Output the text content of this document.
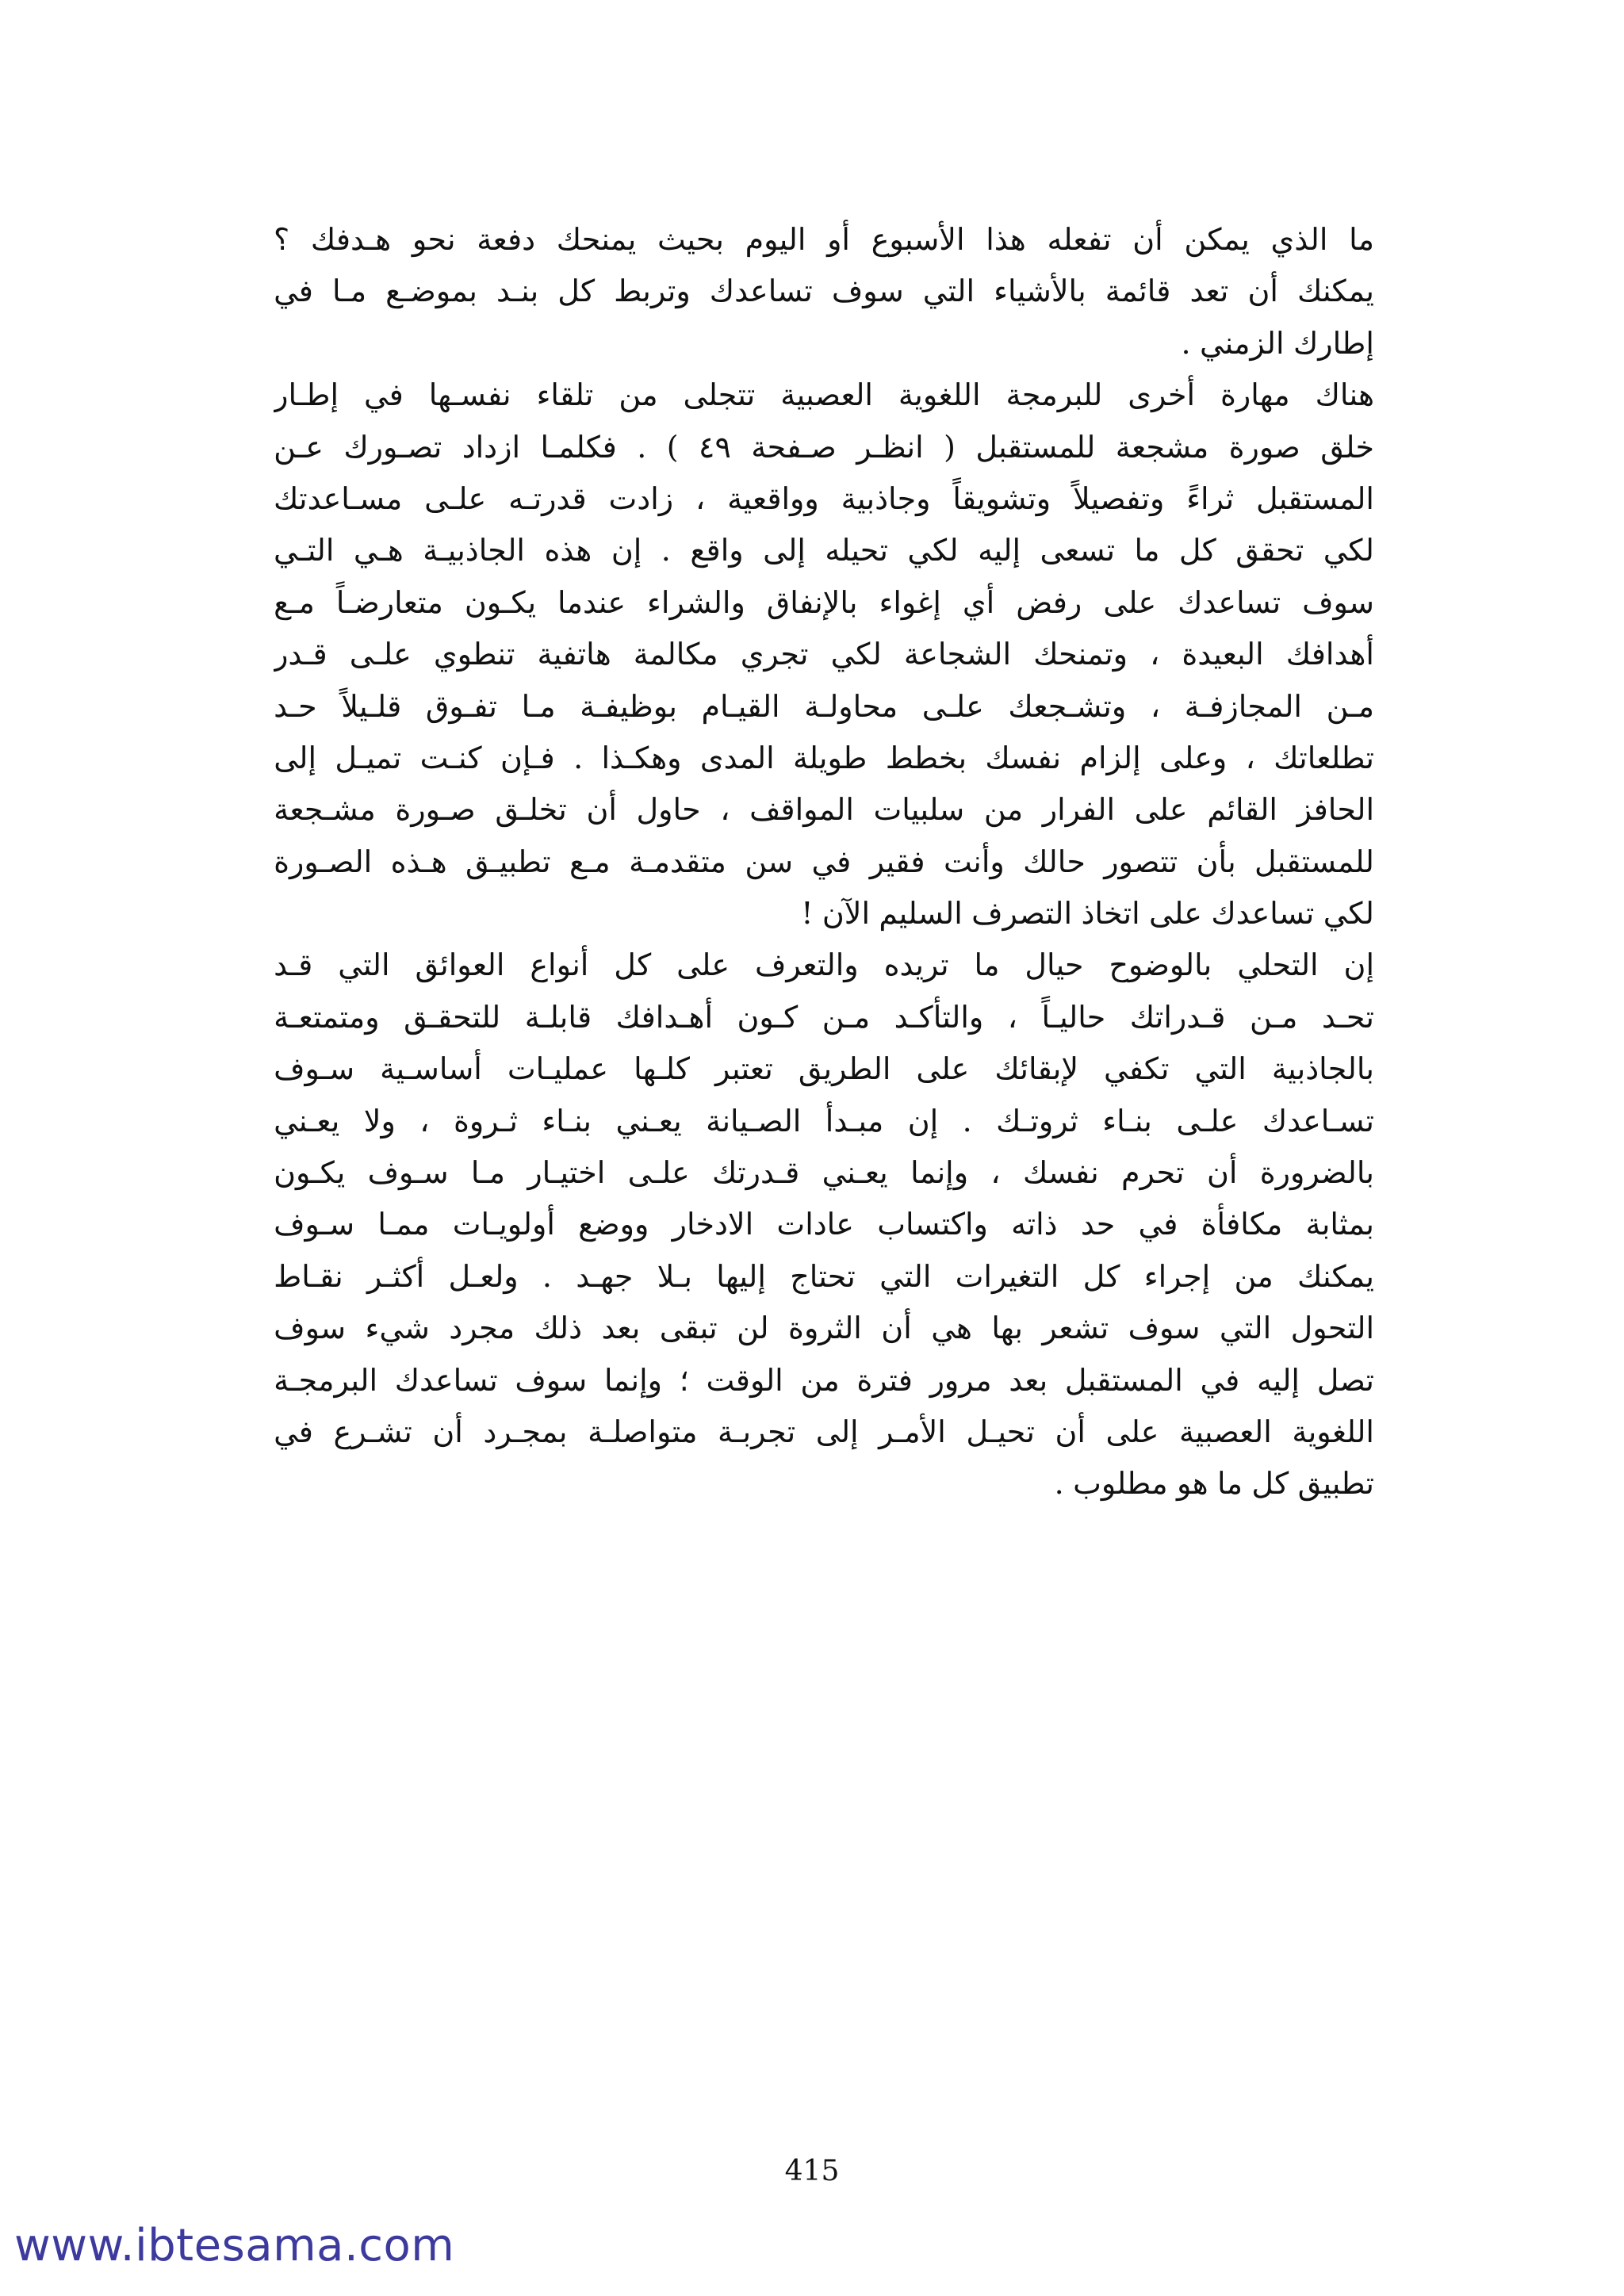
ما
الذي
يمكن
أن
تفعله
هذا
الأسبوع
أو
اليوم
بحيث
يمنحك
دفعة
نحو
هـدفك
؟
يمكنك
أن
تعد
قائمة
بالأشياء
التي
سوف
تساعدك
وتربط
كل
بنـد
بموضـع
مـا
في
إطارك
الزمني
.
هناك
مهارة
أخرى
للبرمجة
اللغوية
العصبية
تتجلى
من
تلقاء
نفسـها
في
إطـار
خلق
صورة
مشجعة
للمستقبل
(
انظـر
صـفحة
٤٩
)
.
فكلمـا
ازداد
تصـورك
عـن
المستقبل
ثراءً
وتفصيلاً
وتشويقاً
وجاذبية
وواقعية
،
زادت
قدرتـه
علـى
مسـاعدتك
لكي
تحقق
كل
ما
تسعى
إليه
لكي
تحيله
إلى
واقع
.
إن
هذه
الجاذبيـة
هـي
التـي
سوف
تساعدك
على
رفض
أي
إغواء
بالإنفاق
والشراء
عندما
يكـون
متعارضـاً
مـع
أهدافك
البعيدة
،
وتمنحك
الشجاعة
لكي
تجري
مكالمة
هاتفية
تنطوي
علـى
قـدر
مـن
المجازفـة
،
وتشـجعك
علـى
محاولـة
القيـام
بوظيفـة
مـا
تفـوق
قلـيلاً
حـد
تطلعاتك
،
وعلى
إلزام
نفسك
بخطط
طويلة
المدى
وهكـذا
.
فـإن
كنـت
تميـل
إلى
الحافز
القائم
على
الفرار
من
سلبيات
المواقف
،
حاول
أن
تخلـق
صـورة
مشـجعة
للمستقبل
بأن
تتصور
حالك
وأنت
فقير
في
سن
متقدمـة
مـع
تطبيـق
هـذه
الصـورة
لكي
تساعدك
على
اتخاذ
التصرف
السليم
الآن
!
إن
التحلي
بالوضوح
حيال
ما
تريده
والتعرف
على
كل
أنواع
العوائق
التي
قـد
تحـد
مـن
قـدراتك
حاليـاً
،
والتأكـد
مـن
كـون
أهـدافك
قابلـة
للتحقـق
ومتمتعـة
بالجاذبية
التي
تكفي
لإبقائك
على
الطريق
تعتبر
كلـها
عمليـات
أساسـية
سـوف
تسـاعدك
علـى
بنـاء
ثروتـك
.
إن
مبـدأ
الصـيانة
يعـني
بنـاء
ثـروة
،
ولا
يعـني
بالضرورة
أن
تحرم
نفسك
،
وإنما
يعـني
قـدرتك
علـى
اختيـار
مـا
سـوف
يكـون
بمثابة
مكافأة
في
حد
ذاته
واكتساب
عادات
الادخار
ووضع
أولويـات
ممـا
سـوف
يمكنك
من
إجراء
كل
التغيرات
التي
تحتاج
إليها
بـلا
جهـد
.
ولعـل
أكثـر
نقـاط
التحول
التي
سوف
تشعر
بها
هي
أن
الثروة
لن
تبقى
بعد
ذلك
مجرد
شيء
سوف
تصل
إليه
في
المستقبل
بعد
مرور
فترة
من
الوقت
؛
وإنما
سوف
تساعدك
البرمجـة
اللغوية
العصبية
على
أن
تحيـل
الأمـر
إلى
تجربـة
متواصلـة
بمجـرد
أن
تشـرع
في
تطبيق
كل
ما
هو
مطلوب
.
415
www.ibtesama.com
